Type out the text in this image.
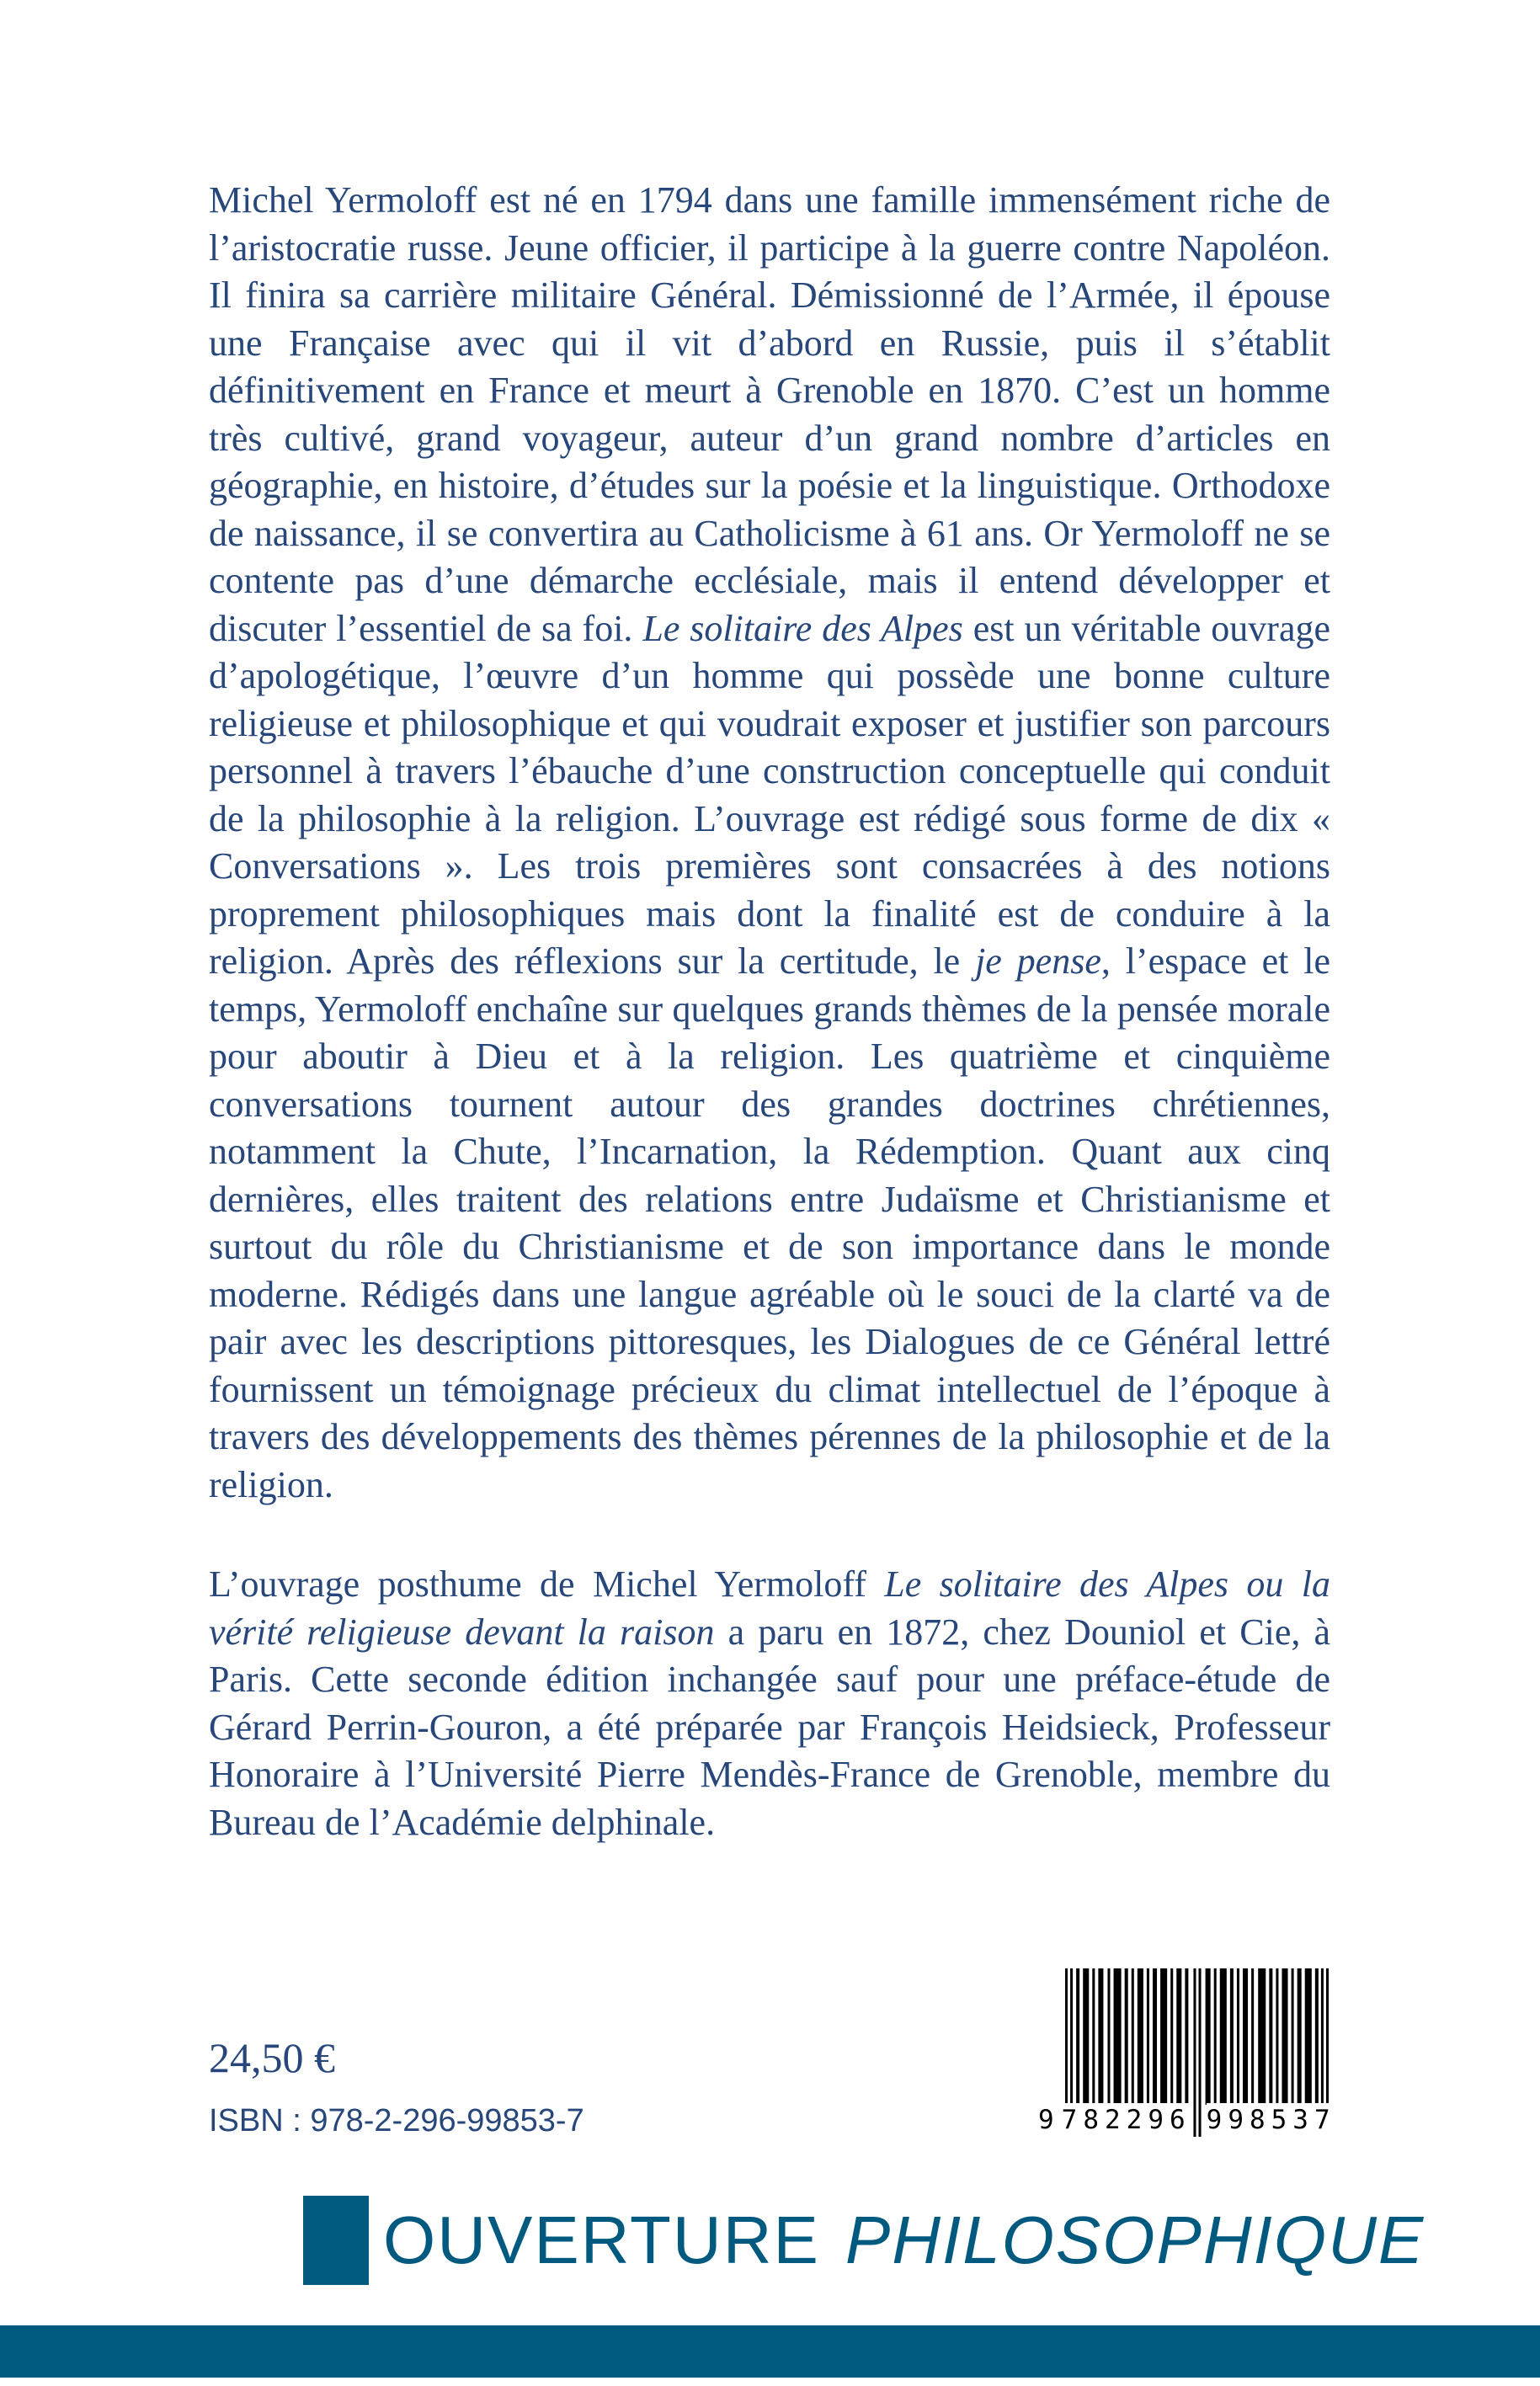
Michel Yermoloff est né en 1794 dans une famille immensément riche de l’aristocratie russe. Jeune officier, il participe à la guerre contre Napoléon. Il finira sa carrière militaire Général. Démissionné de l’Armée, il épouse une Française avec qui il vit d’abord en Russie, puis il s’établit définitivement en France et meurt à Grenoble en 1870. C’est un homme très cultivé, grand voyageur, auteur d’un grand nombre d’articles en géographie, en histoire, d’études sur la poésie et la linguistique. Orthodoxe de naissance, il se convertira au Catholicisme à 61 ans. Or Yermoloff ne se contente pas d’une démarche ecclésiale, mais il entend développer et discuter l’essentiel de sa foi. Le solitaire des Alpes est un véritable ouvrage d’apologétique, l’œuvre d’un homme qui possède une bonne culture religieuse et philosophique et qui voudrait exposer et justifier son parcours personnel à travers l’ébauche d’une construction conceptuelle qui conduit de la philosophie à la religion. L’ouvrage est rédigé sous forme de dix « Conversations ». Les trois premières sont consacrées à des notions proprement philosophiques mais dont la finalité est de conduire à la religion. Après des réflexions sur la certitude, le je pense, l’espace et le temps, Yermoloff enchaîne sur quelques grands thèmes de la pensée morale pour aboutir à Dieu et à la religion. Les quatrième et cinquième conversations tournent autour des grandes doctrines chrétiennes, notamment la Chute, l’Incarnation, la Rédemption. Quant aux cinq dernières, elles traitent des relations entre Judaïsme et Christianisme et surtout du rôle du Christianisme et de son importance dans le monde moderne. Rédigés dans une langue agréable où le souci de la clarté va de pair avec les descriptions pittoresques, les Dialogues de ce Général lettré fournissent un témoignage précieux du climat intellectuel de l’époque à travers des développements des thèmes pérennes de la philosophie et de la religion.

L’ouvrage posthume de Michel Yermoloff Le solitaire des Alpes ou la vérité religieuse devant la raison a paru en 1872, chez Douniol et Cie, à Paris. Cette seconde édition inchangée sauf pour une préface-étude de Gérard Perrin-Gouron, a été préparée par François Heidsieck, Professeur Honoraire à l’Université Pierre Mendès-France de Grenoble, membre du Bureau de l’Académie delphinale.

24,50 €
ISBN : 978-2-296-99853-7	9 782296 998537
OUVERTURE PHILOSOPHIQUE
